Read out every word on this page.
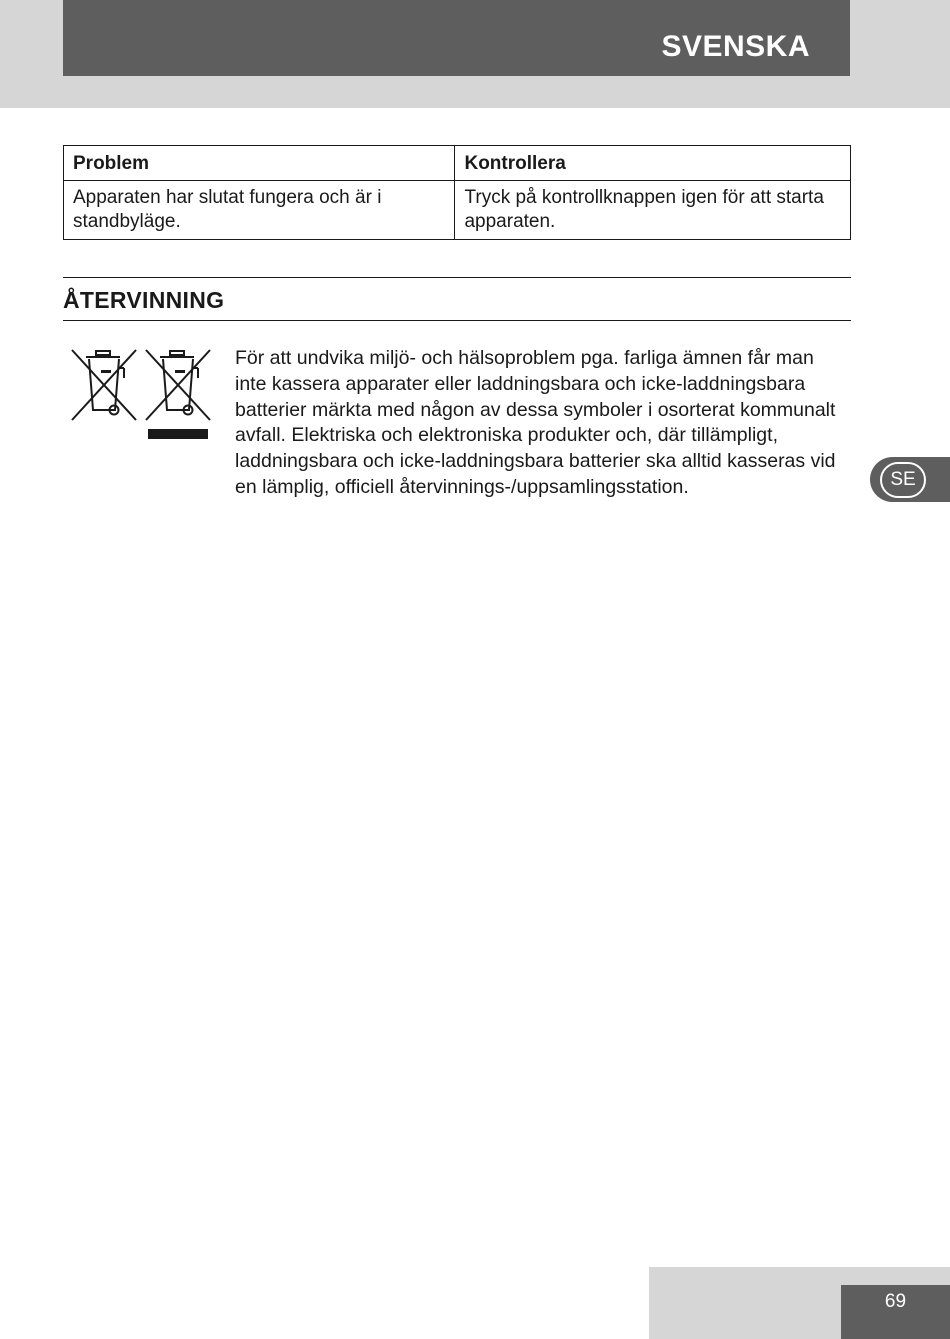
SVENSKA
Problem	Kontrollera
Apparaten har slutat fungera och är i standbyläge.	Tryck på kontrollknappen igen för att starta apparaten.
ÅTERVINNING
För att undvika miljö- och hälsoproblem pga. farliga ämnen får man inte kassera apparater eller laddningsbara och icke-laddningsbara batterier märkta med någon av dessa symboler i osorterat kommunalt avfall. Elektriska och elektroniska produkter och, där tillämpligt, laddningsbara och icke-laddningsbara batterier ska alltid kasseras vid en lämplig, officiell återvinnings-/uppsamlingsstation.	SE
69
